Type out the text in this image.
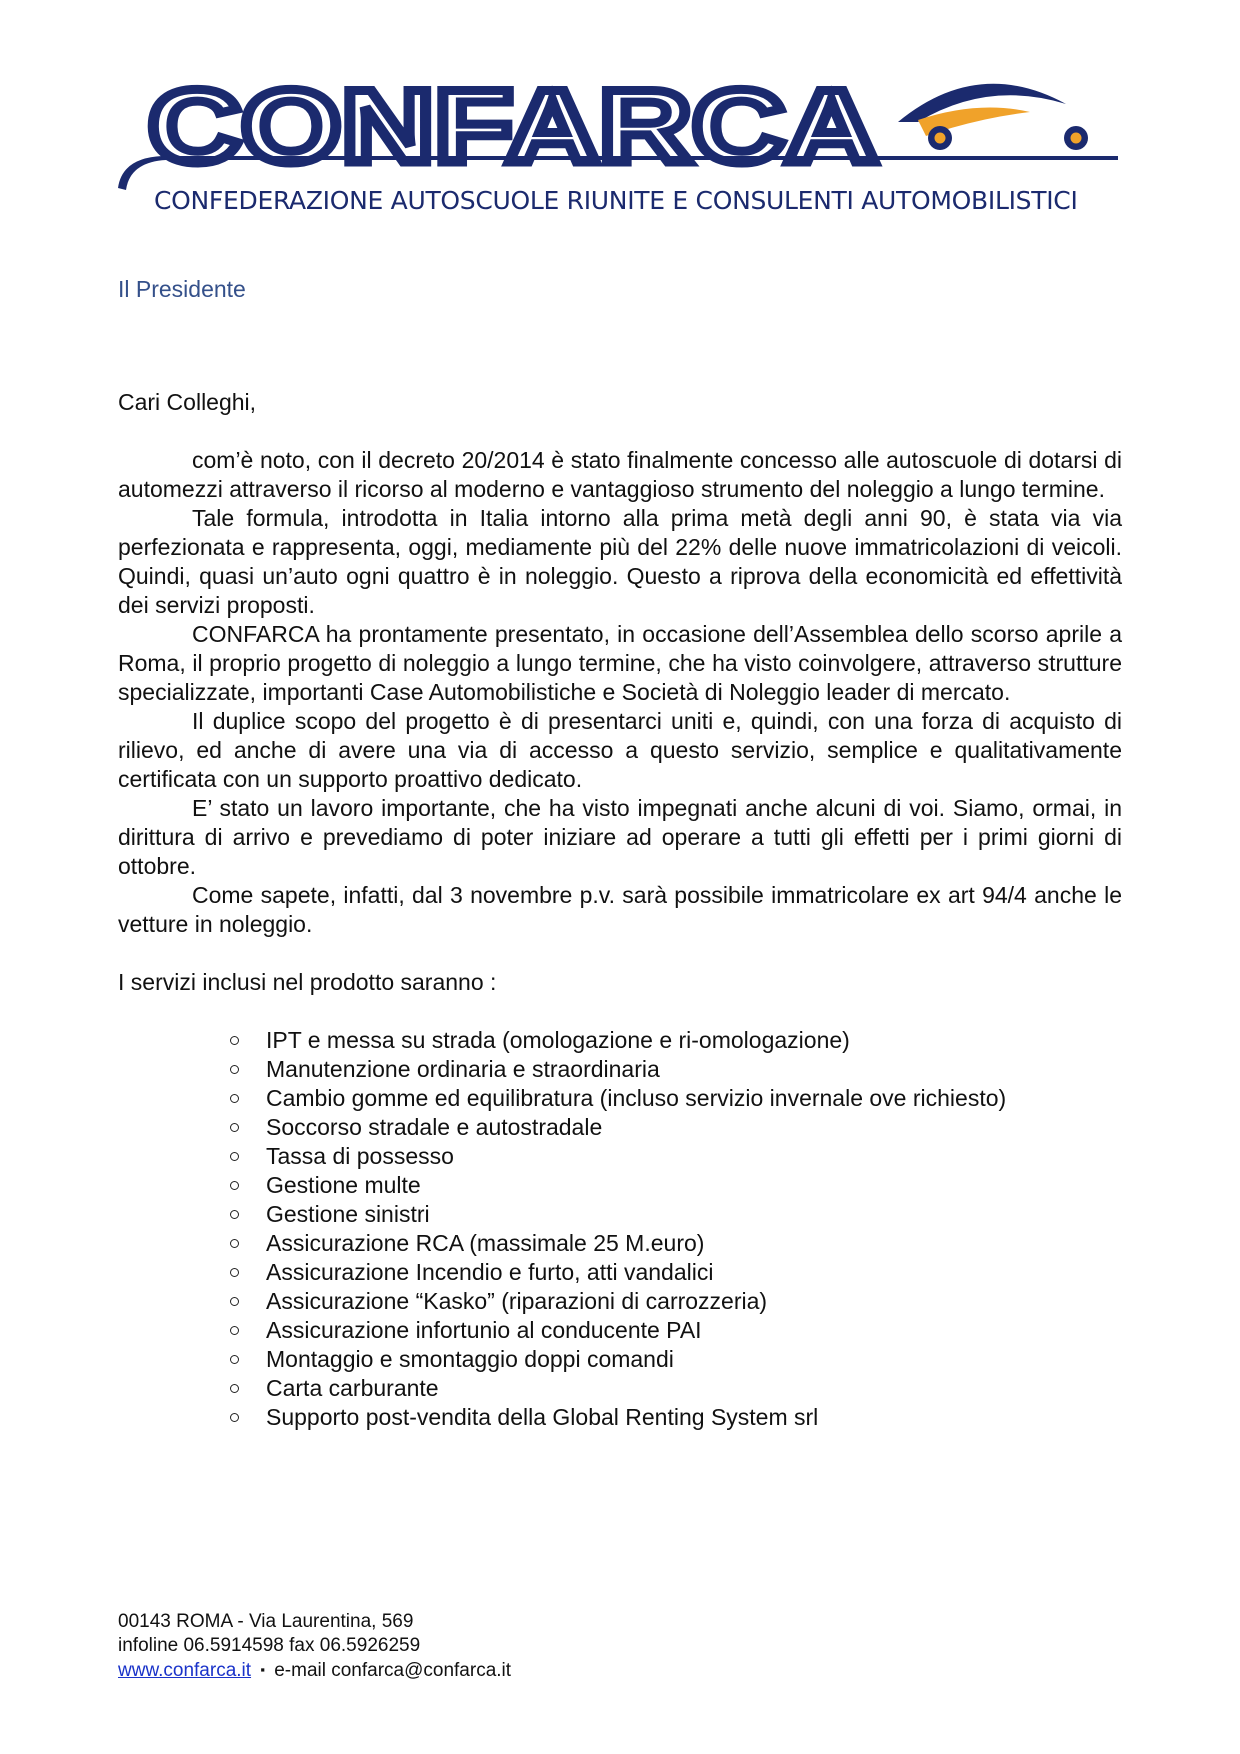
CONFARCA
CONFEDERAZIONE AUTOSCUOLE RIUNITE E CONSULENTI AUTOMOBILISTICI
Il Presidente

Cari Colleghi,

com’è noto, con il decreto 20/2014 è stato finalmente concesso alle autoscuole di dotarsi di automezzi attraverso il ricorso al moderno e vantaggioso strumento del noleggio a lungo termine.

Tale formula, introdotta in Italia intorno alla prima metà degli anni 90, è stata via via perfezionata e rappresenta, oggi, mediamente più del 22% delle nuove immatricolazioni di veicoli. Quindi, quasi un’auto ogni quattro è in noleggio. Questo a riprova della economicità ed effettività dei servizi proposti.

CONFARCA ha prontamente presentato, in occasione dell’Assemblea dello scorso aprile a Roma, il proprio progetto di noleggio a lungo termine, che ha visto coinvolgere, attraverso strutture specializzate, importanti Case Automobilistiche e Società di Noleggio leader di mercato.

Il duplice scopo del progetto è di presentarci uniti e, quindi, con una forza di acquisto di rilievo, ed anche di avere una via di accesso a questo servizio, semplice e qualitativamente certificata con un supporto proattivo dedicato.

E’ stato un lavoro importante, che ha visto impegnati anche alcuni di voi. Siamo, ormai, in dirittura di arrivo e prevediamo di poter iniziare ad operare a tutti gli effetti per i primi giorni di ottobre.

Come sapete, infatti, dal 3 novembre p.v. sarà possibile immatricolare ex art 94/4 anche le vetture in noleggio.

I servizi inclusi nel prodotto saranno :

IPT e messa su strada (omologazione e ri-omologazione)
Manutenzione ordinaria e straordinaria
Cambio gomme ed equilibratura (incluso servizio invernale ove richiesto)
Soccorso stradale e autostradale
Tassa di possesso
Gestione multe
Gestione sinistri
Assicurazione RCA (massimale 25 M.euro)
Assicurazione Incendio e furto, atti vandalici
Assicurazione “Kasko” (riparazioni di carrozzeria)
Assicurazione infortunio al conducente PAI
Montaggio e smontaggio doppi comandi
Carta carburante
Supporto post-vendita della Global Renting System srl
00143 ROMA - Via Laurentina, 569
infoline 06.5914598 fax 06.5926259
www.confarca.it ▪ e-mail confarca@confarca.it
